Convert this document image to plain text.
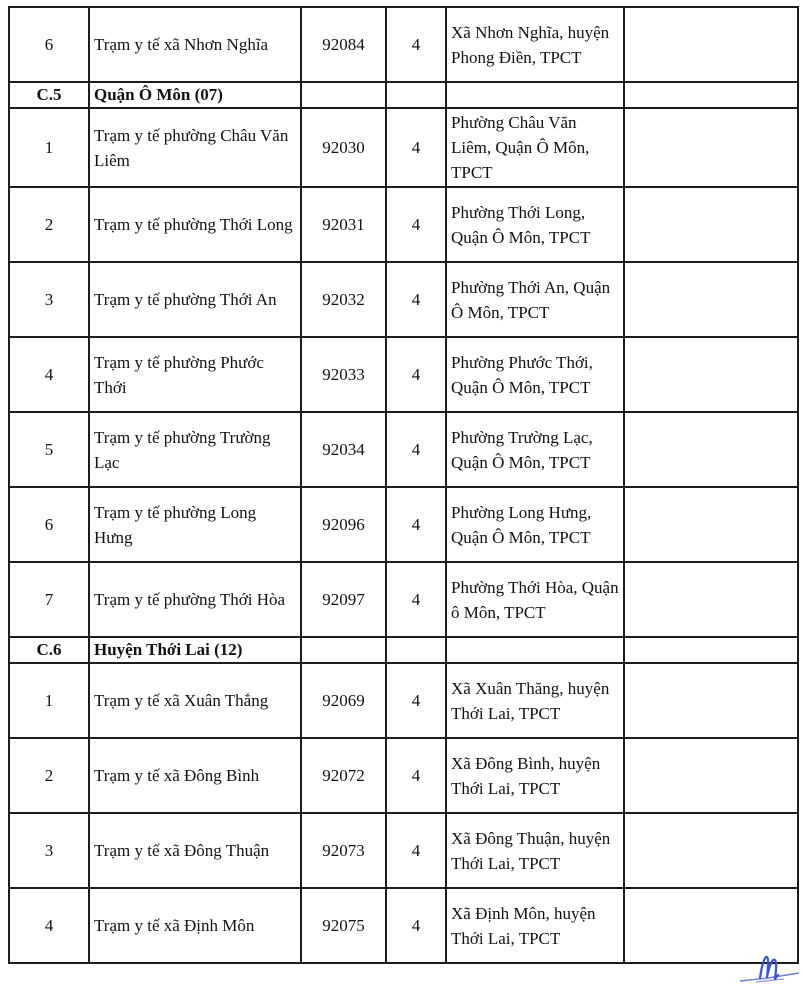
6	Trạm y tế xã Nhơn Nghĩa	92084	4	Xã Nhơn Nghĩa, huyện Phong Điền, TPCT	
C.5	Quận Ô Môn (07)				
1	Trạm y tế phường Châu Văn Liêm	92030	4	Phường Châu Văn Liêm, Quận Ô Môn, TPCT	
2	Trạm y tế phường Thới Long	92031	4	Phường Thới Long, Quận Ô Môn, TPCT	
3	Trạm y tế phường Thới An	92032	4	Phường Thới An, Quận Ô Môn, TPCT	
4	Trạm y tế phường Phước Thới	92033	4	Phường Phước Thới, Quận Ô Môn, TPCT	
5	Trạm y tế phường Trường Lạc	92034	4	Phường Trường Lạc, Quận Ô Môn, TPCT	
6	Trạm y tế phường Long Hưng	92096	4	Phường Long Hưng, Quận Ô Môn, TPCT	
7	Trạm y tế phường Thới Hòa	92097	4	Phường Thới Hòa, Quận ô Môn, TPCT	
C.6	Huyện Thới Lai (12)				
1	Trạm y tế xã Xuân Thắng	92069	4	Xã Xuân Thăng, huyện Thới Lai, TPCT	
2	Trạm y tế xã Đông Bình	92072	4	Xã Đông Bình, huyện Thới Lai, TPCT	
3	Trạm y tế xã Đông Thuận	92073	4	Xã Đông Thuận, huyện Thới Lai, TPCT	
4	Trạm y tế xã Định Môn	92075	4	Xã Định Môn, huyện Thới Lai, TPCT	
